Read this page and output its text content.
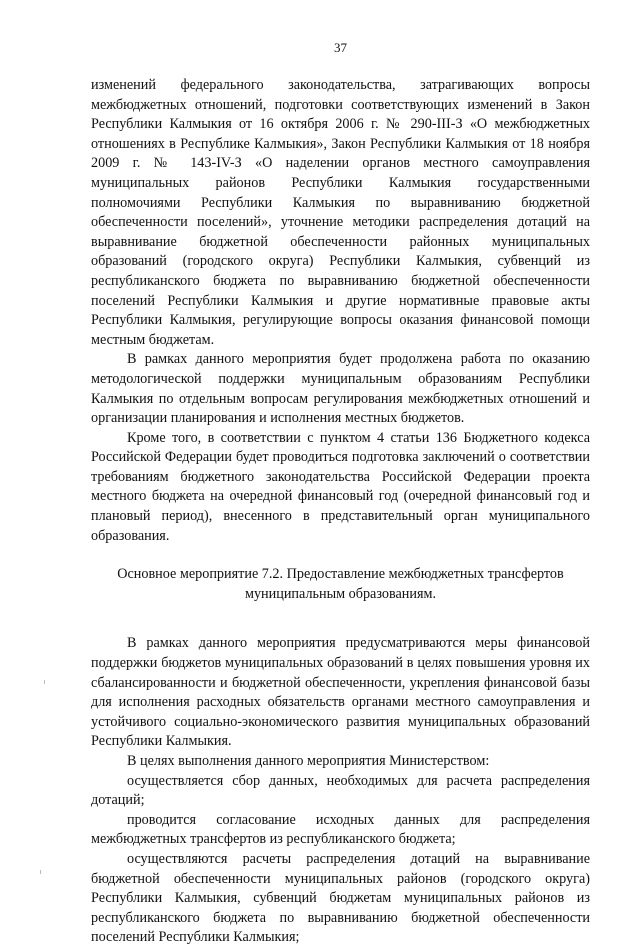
37

изменений федерального законодательства, затрагивающих вопросы межбюджетных отношений, подготовки соответствующих изменений в Закон Республики Калмыкия от 16 октября 2006 г. № 290-III-З «О межбюджетных отношениях в Республике Калмыкия», Закон Республики Калмыкия от 18 ноября 2009 г. № 143-IV-З «О наделении органов местного самоуправления муниципальных районов Республики Калмыкия государственными полномочиями Республики Калмыкия по выравниванию бюджетной обеспеченности поселений», уточнение методики распределения дотаций на выравнивание бюджетной обеспеченности районных муниципальных образований (городского округа) Республики Калмыкия, субвенций из республиканского бюджета по выравниванию бюджетной обеспеченности поселений Республики Калмыкия и другие нормативные правовые акты Республики Калмыкия, регулирующие вопросы оказания финансовой помощи местным бюджетам.

В рамках данного мероприятия будет продолжена работа по оказанию методологической поддержки муниципальным образованиям Республики Калмыкия по отдельным вопросам регулирования межбюджетных отношений и организации планирования и исполнения местных бюджетов.

Кроме того, в соответствии с пунктом 4 статьи 136 Бюджетного кодекса Российской Федерации будет проводиться подготовка заключений о соответствии требованиям бюджетного законодательства Российской Федерации проекта местного бюджета на очередной финансовый год (очередной финансовый год и плановый период), внесенного в представительный орган муниципального образования.

Основное мероприятие 7.2. Предоставление межбюджетных трансфертов
муниципальным образованиям.

В рамках данного мероприятия предусматриваются меры финансовой поддержки бюджетов муниципальных образований в целях повышения уровня их сбалансированности и бюджетной обеспеченности, укрепления финансовой базы для исполнения расходных обязательств органами местного самоуправления и устойчивого социально-экономического развития муниципальных образований Республики Калмыкия.

В целях выполнения данного мероприятия Министерством:

осуществляется сбор данных, необходимых для расчета распределения дотаций;

проводится согласование исходных данных для распределения межбюджетных трансфертов из республиканского бюджета;

осуществляются расчеты распределения дотаций на выравнивание бюджетной обеспеченности муниципальных районов (городского округа) Республики Калмыкия, субвенций бюджетам муниципальных районов из республиканского бюджета по выравниванию бюджетной обеспеченности поселений Республики Калмыкия;
